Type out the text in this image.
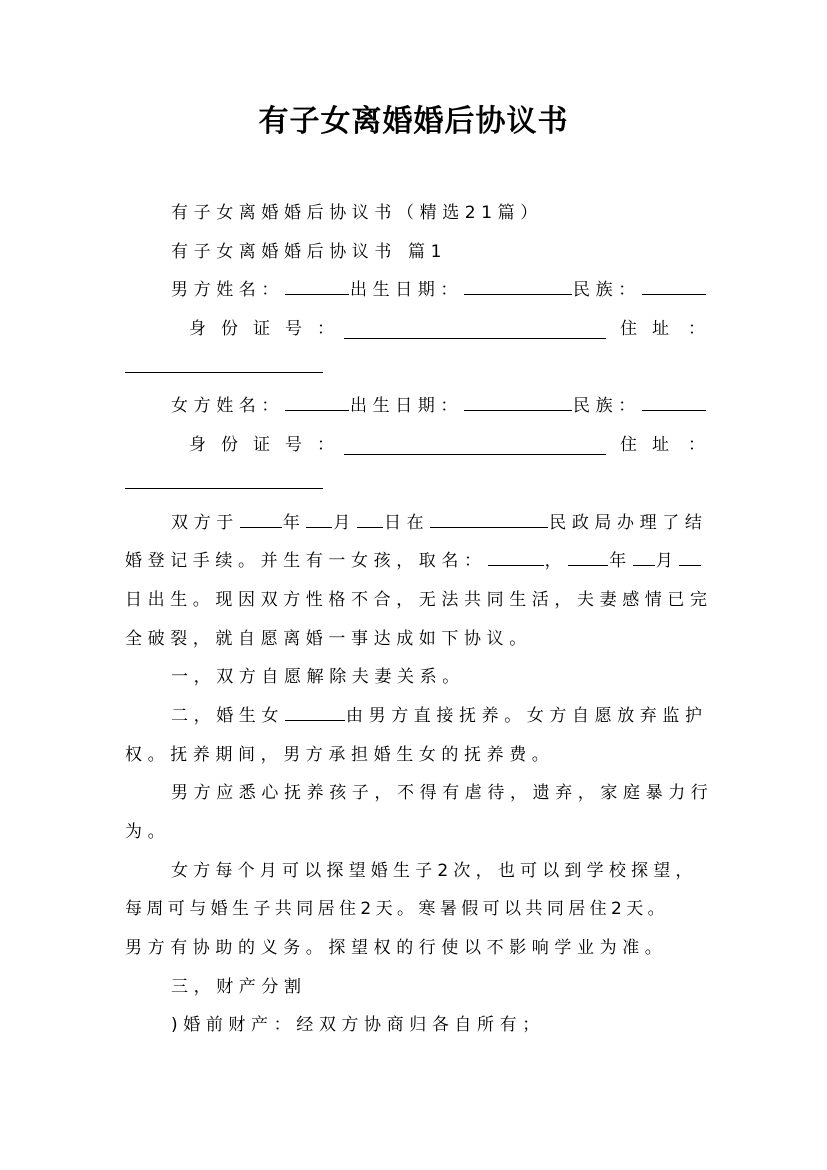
有子女离婚婚后协议书
有子女离婚婚后协议书（精选21篇）
有子女离婚婚后协议书 篇1
男方姓名：	出生日期：	民族：
身 份 证 号 ：	住 址	：
女方姓名：	出生日期：	民族：
身 份 证 号 ：	住 址	：
双方于	年 月 日在	民政局办理了结
婚登记手续。并生有一女孩，取名：	， 年 月
日出生。现因双方性格不合，无法共同生活，夫妻感情已完
全破裂，就自愿离婚一事达成如下协议。
一，双方自愿解除夫妻关系。
二，婚生女	由男方直接抚养。女方自愿放弃监护
权。抚养期间，男方承担婚生女的抚养费。
男方应悉心抚养孩子，不得有虐待，遗弃，家庭暴力行
为。
女方每个月可以探望婚生子2次，也可以到学校探望，
每周可与婚生子共同居住2天。寒暑假可以共同居住2天。
男方有协助的义务。探望权的行使以不影响学业为准。
三，财产分割
)婚前财产：经双方协商归各自所有；
